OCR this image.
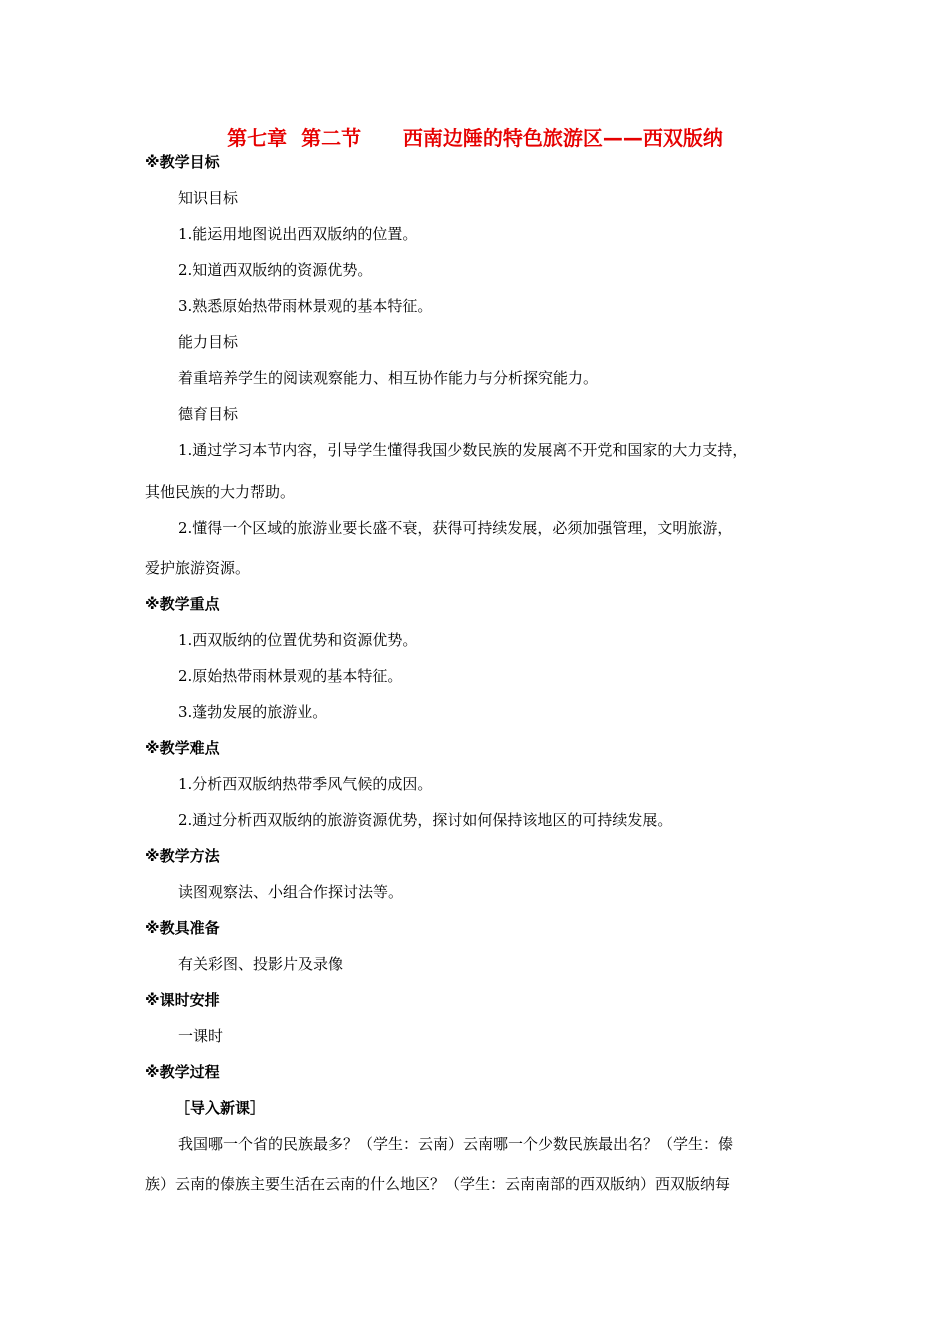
第七章  第二节      西南边陲的特色旅游区——西双版纳
※教学目标
知识目标
1.能运用地图说出西双版纳的位置。
2.知道西双版纳的资源优势。
3.熟悉原始热带雨林景观的基本特征。
能力目标
着重培养学生的阅读观察能力、相互协作能力与分析探究能力。
德育目标
1.通过学习本节内容，引导学生懂得我国少数民族的发展离不开党和国家的大力支持，
其他民族的大力帮助。
2.懂得一个区域的旅游业要长盛不衰，获得可持续发展，必须加强管理，文明旅游，
爱护旅游资源。
※教学重点
1.西双版纳的位置优势和资源优势。
2.原始热带雨林景观的基本特征。
3.蓬勃发展的旅游业。
※教学难点
1.分析西双版纳热带季风气候的成因。
2.通过分析西双版纳的旅游资源优势，探讨如何保持该地区的可持续发展。
※教学方法
读图观察法、小组合作探讨法等。
※教具准备
有关彩图、投影片及录像
※课时安排
一课时
※教学过程
［导入新课］
我国哪一个省的民族最多？（学生：云南）云南哪一个少数民族最出名？（学生：傣
族）云南的傣族主要生活在云南的什么地区？（学生：云南南部的西双版纳）西双版纳每
